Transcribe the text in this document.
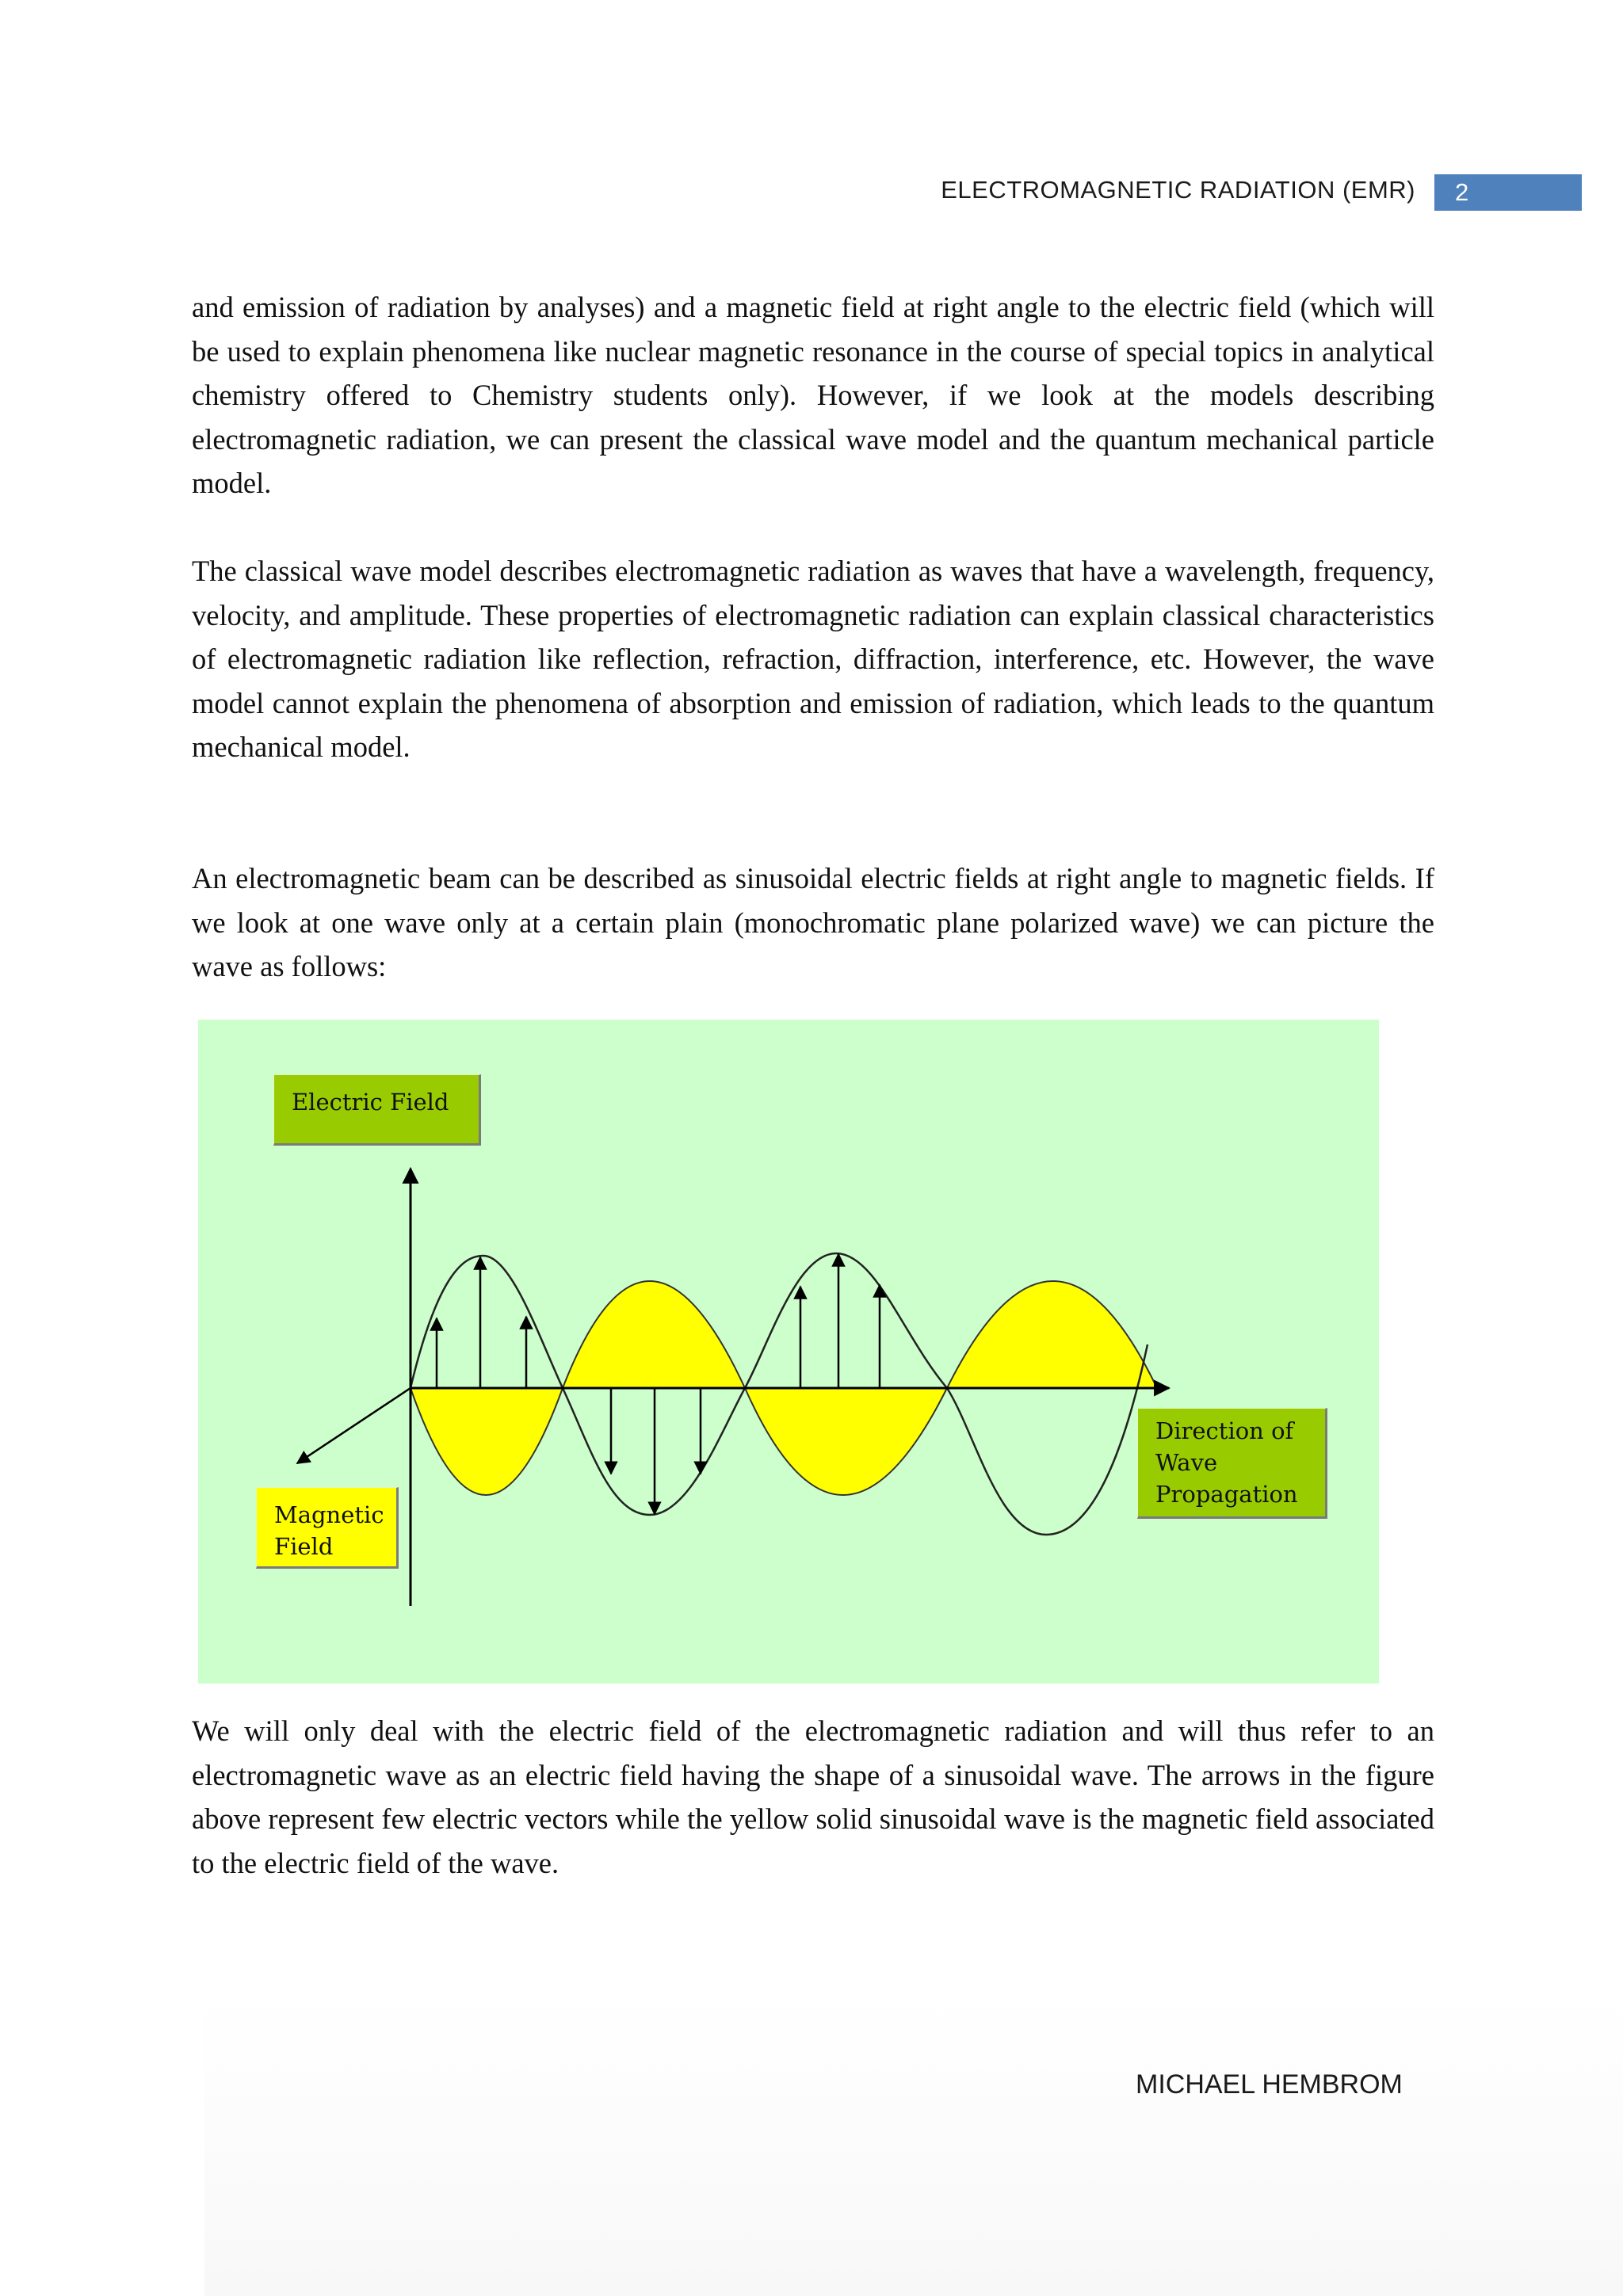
ELECTROMAGNETIC RADIATION (EMR)	2

and emission of radiation by analyses) and a magnetic field at right angle to the electric field (which will be used to explain phenomena like nuclear magnetic resonance in the course of special topics in analytical chemistry offered to Chemistry students only). However, if we look at the models describing electromagnetic radiation, we can present the classical wave model and the quantum mechanical particle model.

The classical wave model describes electromagnetic radiation as waves that have a wavelength, frequency, velocity, and amplitude. These properties of electromagnetic radiation can explain classical characteristics of electromagnetic radiation like reflection, refraction, diffraction, interference, etc. However, the wave model cannot explain the phenomena of absorption and emission of radiation, which leads to the quantum mechanical model.

An electromagnetic beam can be described as sinusoidal electric fields at right angle to magnetic fields. If we look at one wave only at a certain plain (monochromatic plane polarized wave) we can picture the wave as follows:

Electric Field
Magnetic
Field
Direction of
Wave
Propagation

We will only deal with the electric field of the electromagnetic radiation and will thus refer to an electromagnetic wave as an electric field having the shape of a sinusoidal wave. The arrows in the figure above represent few electric vectors while the yellow solid sinusoidal wave is the magnetic field associated to the electric field of the wave.

MICHAEL HEMBROM
